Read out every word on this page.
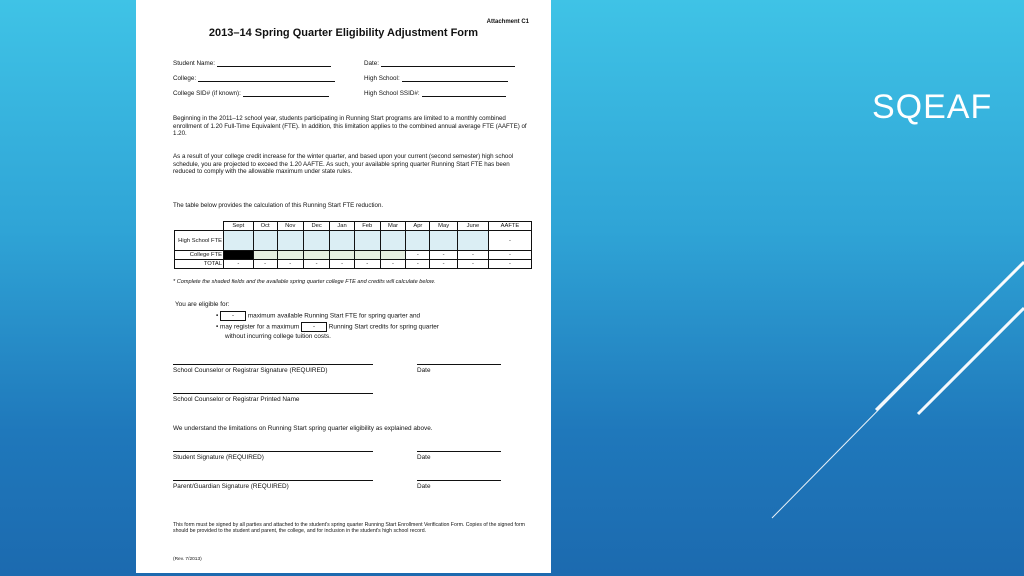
SQEAF
Attachment C1
2013–14 Spring Quarter Eligibility Adjustment Form
Student Name:	Date:
College:	High School:
College SID# (if known):	High School SSID#:

Beginning in the 2011–12 school year, students participating in Running Start programs are limited to a monthly combined enrollment of 1.20 Full-Time Equivalent (FTE). In addition, this limitation applies to the combined annual average FTE (AAFTE) of 1.20.

As a result of your college credit increase for the winter quarter, and based upon your current (second semester) high school schedule, you are projected to exceed the 1.20 AAFTE. As such, your available spring quarter Running Start FTE has been reduced to comply with the allowable maximum under state rules.

The table below provides the calculation of this Running Start FTE reduction.

	Sept	Oct	Nov	Dec	Jan	Feb	Mar	Apr	May	June	AAFTE
High School FTE											-
College FTE								-	-	-	-
TOTAL	-	-	-	-	-	-	-	-	-	-	-
* Complete the shaded fields and the available spring quarter college FTE and credits will calculate below.
You are eligible for:
• - maximum available Running Start FTE for spring quarter and
• may register for a maximum - Running Start credits for spring quarter
without incurring college tuition costs.
School Counselor or Registrar Signature (REQUIRED)	Date
School Counselor or Registrar Printed Name
We understand the limitations on Running Start spring quarter eligibility as explained above.
Student Signature (REQUIRED)	Date
Parent/Guardian Signature (REQUIRED)	Date

This form must be signed by all parties and attached to the student's spring quarter Running Start Enrollment Verification Form. Copies of the signed form should be provided to the student and parent, the college, and for inclusion in the student's high school record.

(Rev. 7/2013)
